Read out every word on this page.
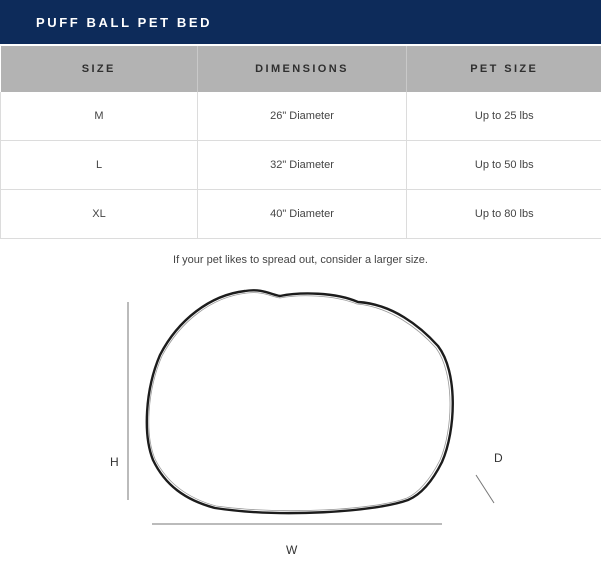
PUFF BALL PET BED
SIZE	DIMENSIONS	PET SIZE
M	26" Diameter	Up to 25 lbs
L	32" Diameter	Up to 50 lbs
XL	40" Diameter	Up to 80 lbs
If your pet likes to spread out, consider a larger size.
H
W
D
